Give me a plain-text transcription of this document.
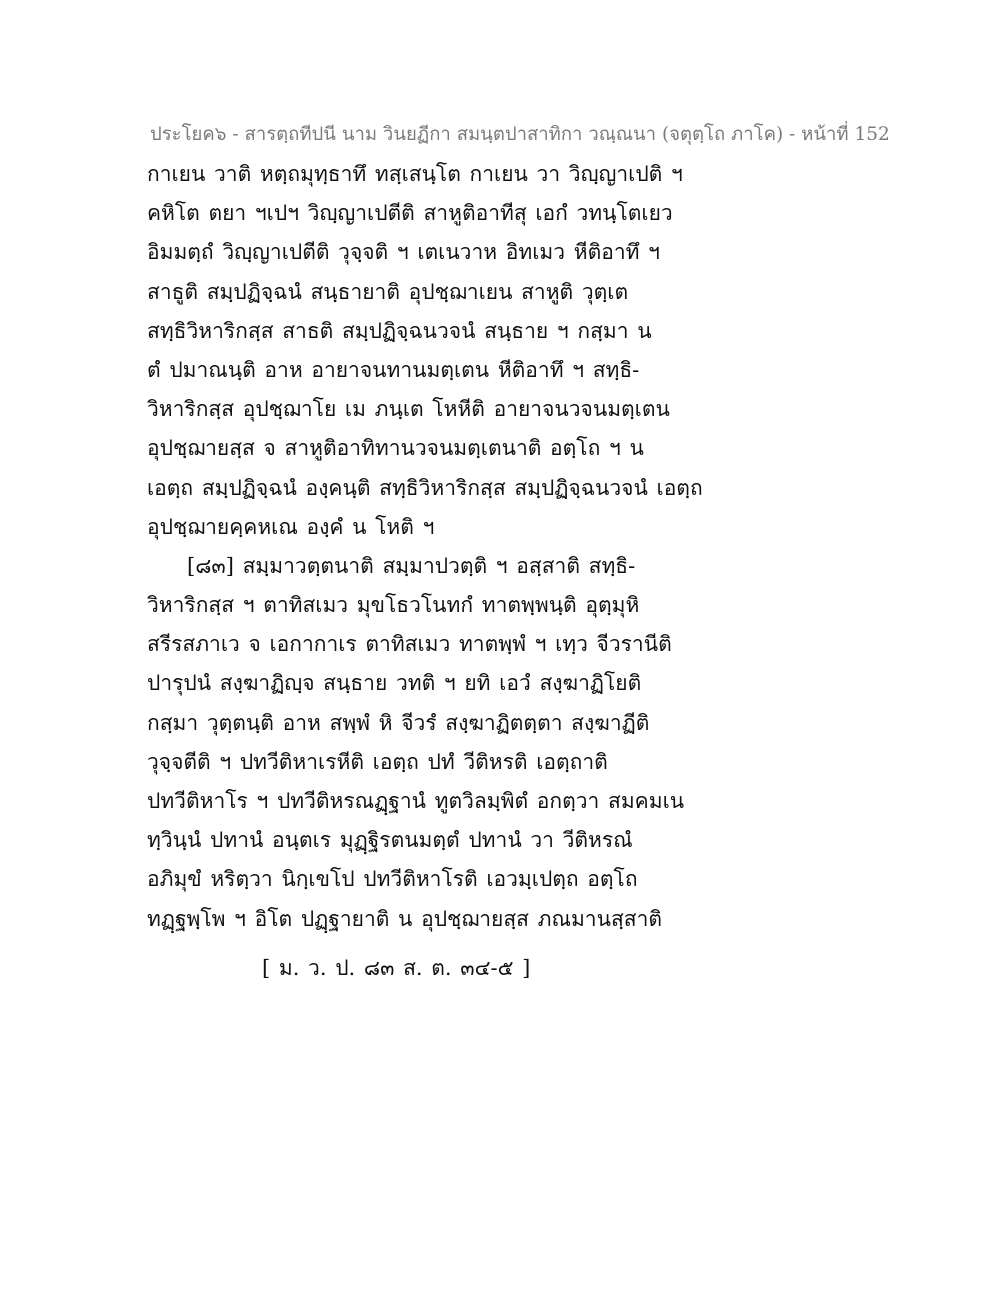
ประโยค๖ - สารตฺถทีปนี นาม วินยฏีกา สมนฺตปาสาทิกา วณฺณนา (จตุตฺโถ ภาโค) - หน้าที่ 152
กาเยน วาติ หตฺถมุทฺธาทึ ทสฺเสนฺโต กาเยน วา วิญฺญาเปติ ฯ
คหิโต ตยา ฯเปฯ วิญฺญาเปตีติ สาหูติอาทีสุ เอกํ วทนฺโตเยว
อิมมตฺถํ วิญฺญาเปตีติ วุจฺจติ ฯ เตเนวาห อิทเมว หีติอาทึ ฯ
สาธูติ สมฺปฏิจฺฉนํ สนฺธายาติ อุปชฺฌาเยน สาหูติ วุตฺเต
สทฺธิวิหาริกสฺส สาธติ สมฺปฏิจฺฉนวจนํ สนฺธาย ฯ กสฺมา น
ตํ ปมาณนฺติ อาห อายาจนทานมตฺเตน หีติอาทึ ฯ สทฺธิ-
วิหาริกสฺส อุปชฺฌาโย เม ภนฺเต โหหีติ อายาจนวจนมตฺเตน
อุปชฺฌายสฺส จ สาหูติอาทิทานวจนมตฺเตนาติ อตฺโถ ฯ น
เอตฺถ สมฺปฏิจฺฉนํ องฺคนฺติ สทฺธิวิหาริกสฺส สมฺปฏิจฺฉนวจนํ เอตฺถ
อุปชฺฌายคฺคหเณ องฺคํ น โหติ ฯ
[๘๓] สมฺมาวตฺตนาติ สมฺมาปวตฺติ ฯ อสฺสาติ สทฺธิ-
วิหาริกสฺส ฯ ตาทิสเมว มุขโธวโนทกํ ทาตพฺพนฺติ อุตฺมุหิ
สรีรสภาเว จ เอกากาเร ตาทิสเมว ทาตพฺพํ ฯ เทฺว จีวรานีติ
ปารุปนํ สงฺฆาฏิญฺจ สนฺธาย วทติ ฯ ยทิ เอวํ สงฺฆาฏิโยติ
กสฺมา วุตฺตนฺติ อาห สพฺพํ หิ จีวรํ สงฺฆาฏิตตฺตา สงฺฆาฏีติ
วุจฺจตีติ ฯ ปทวีติหาเรหีติ เอตฺถ ปทํ วีติหรติ เอตฺถาติ
ปทวีติหาโร ฯ ปทวีติหรณฏฺฐานํ ทูตวิลมฺพิตํ อกตฺวา สมคมเน
ทฺวินฺนํ ปทานํ อนฺตเร มุฏฺฐิรตนมตฺตํ ปทานํ วา วีติหรณํ
อภิมุขํ หริตฺวา นิกฺเขโป ปทวีติหาโรติ เอวมฺเปตฺถ อตฺโถ
ทฏฺฐพฺโพ ฯ อิโต ปฏฺฐายาติ น อุปชฺฌายสฺส ภณมานสฺสาติ
[ ม. ว. ป. ๘๓ ส. ต. ๓๔-๕ ]
